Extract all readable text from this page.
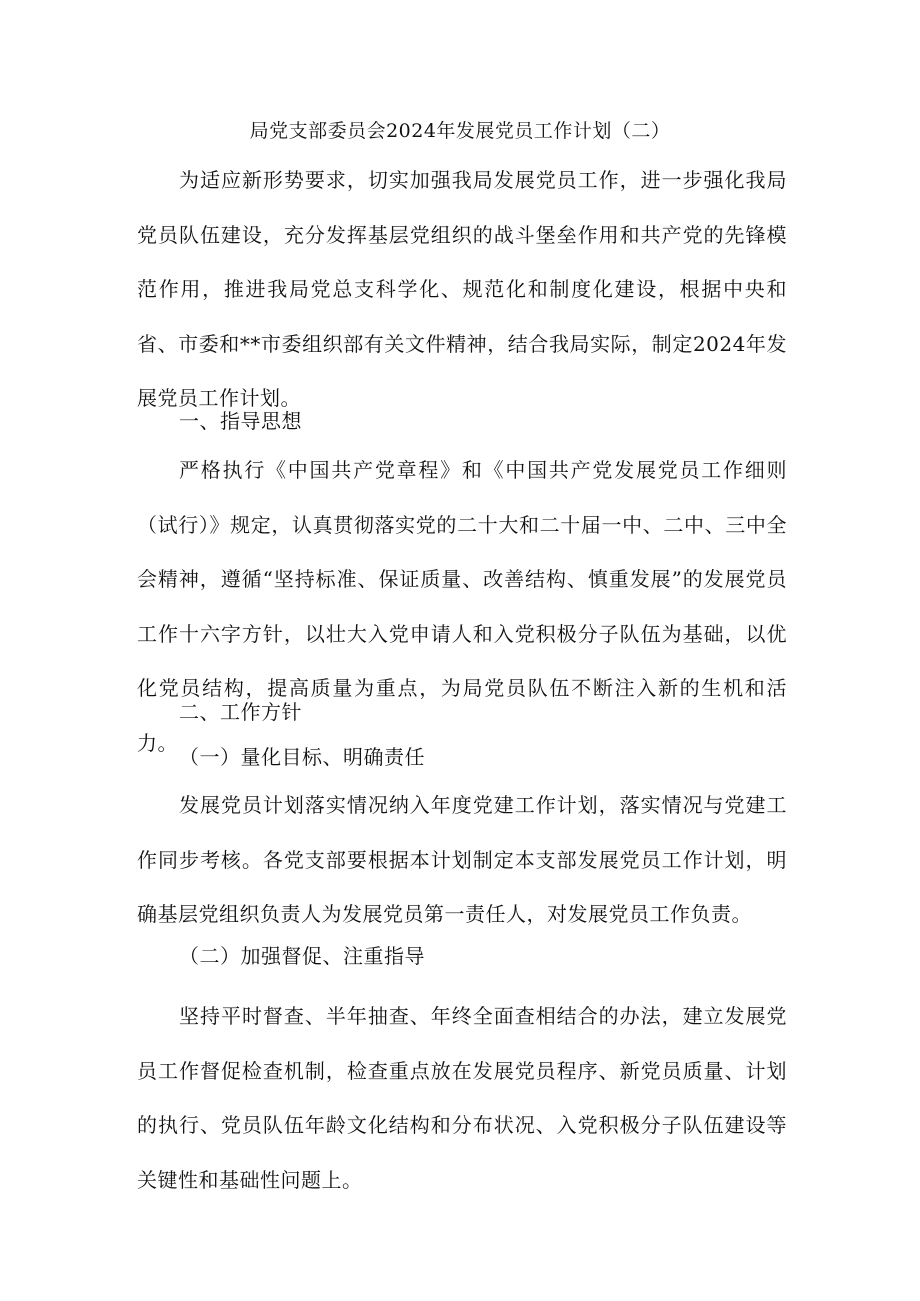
局党支部委员会2024年发展党员工作计划（二）

为适应新形势要求，切实加强我局发展党员工作，进一步强化我局党员队伍建设，充分发挥基层党组织的战斗堡垒作用和共产党的先锋模范作用，推进我局党总支科学化、规范化和制度化建设，根据中央和省、市委和**市委组织部有关文件精神，结合我局实际，制定2024年发展党员工作计划。

一、指导思想

严格执行《中国共产党章程》和《中国共产党发展党员工作细则（试行）》规定，认真贯彻落实党的二十大和二十届一中、二中、三中全会精神，遵循“坚持标准、保证质量、改善结构、慎重发展”的发展党员工作十六字方针，以壮大入党申请人和入党积极分子队伍为基础，以优化党员结构，提高质量为重点，为局党员队伍不断注入新的生机和活力。

二、工作方针
（一）量化目标、明确责任

发展党员计划落实情况纳入年度党建工作计划，落实情况与党建工作同步考核。各党支部要根据本计划制定本支部发展党员工作计划，明确基层党组织负责人为发展党员第一责任人，对发展党员工作负责。

（二）加强督促、注重指导

坚持平时督查、半年抽查、年终全面查相结合的办法，建立发展党员工作督促检查机制，检查重点放在发展党员程序、新党员质量、计划的执行、党员队伍年龄文化结构和分布状况、入党积极分子队伍建设等关键性和基础性问题上。
